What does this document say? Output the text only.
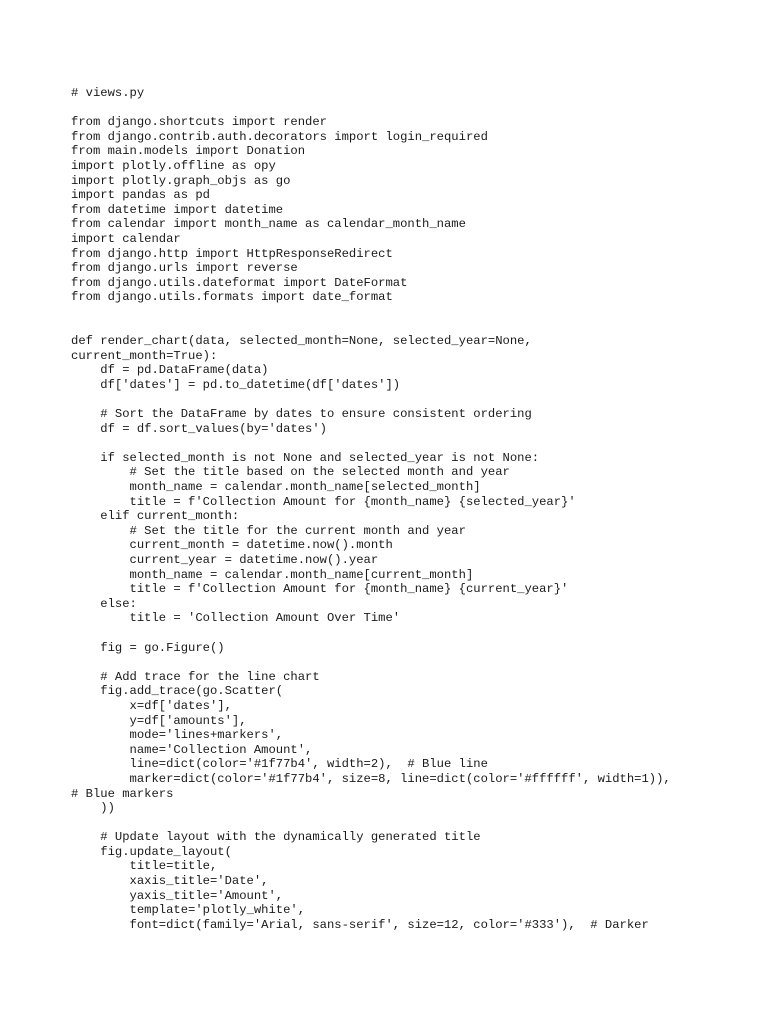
# views.py
from django.shortcuts import render
from django.contrib.auth.decorators import login_required
from main.models import Donation
import plotly.offline as opy
import plotly.graph_objs as go
import pandas as pd
from datetime import datetime
from calendar import month_name as calendar_month_name
import calendar
from django.http import HttpResponseRedirect
from django.urls import reverse
from django.utils.dateformat import DateFormat
from django.utils.formats import date_format
def render_chart(data, selected_month=None, selected_year=None,
current_month=True):
df = pd.DataFrame(data)
df['dates'] = pd.to_datetime(df['dates'])
# Sort the DataFrame by dates to ensure consistent ordering
df = df.sort_values(by='dates')
if selected_month is not None and selected_year is not None:
# Set the title based on the selected month and year
month_name = calendar.month_name[selected_month]
title = f'Collection Amount for {month_name} {selected_year}'
elif current_month:
# Set the title for the current month and year
current_month = datetime.now().month
current_year = datetime.now().year
month_name = calendar.month_name[current_month]
title = f'Collection Amount for {month_name} {current_year}'
else:
title = 'Collection Amount Over Time'
fig = go.Figure()
# Add trace for the line chart
fig.add_trace(go.Scatter(
x=df['dates'],
y=df['amounts'],
mode='lines+markers',
name='Collection Amount',
line=dict(color='#1f77b4', width=2),  # Blue line
marker=dict(color='#1f77b4', size=8, line=dict(color='#ffffff', width=1)),
# Blue markers
))
# Update layout with the dynamically generated title
fig.update_layout(
title=title,
xaxis_title='Date',
yaxis_title='Amount',
template='plotly_white',
font=dict(family='Arial, sans-serif', size=12, color='#333'),  # Darker
